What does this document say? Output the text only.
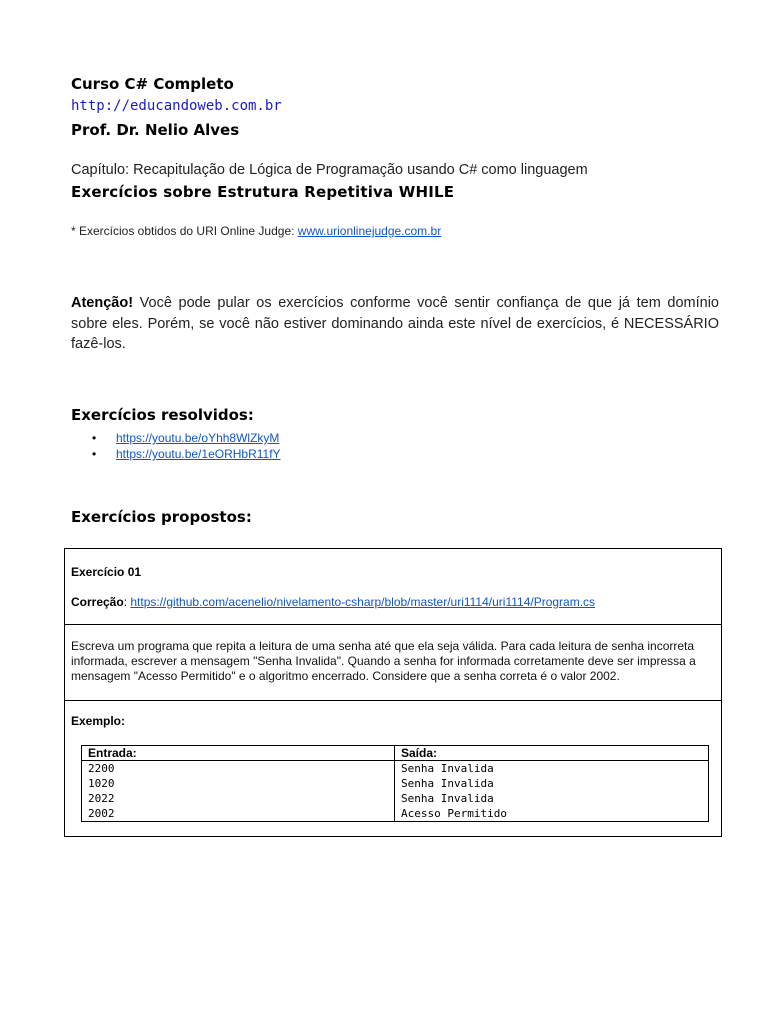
Curso C# Completo
http://educandoweb.com.br
Prof. Dr. Nelio Alves
Capítulo: Recapitulação de Lógica de Programação usando C# como linguagem
Exercícios sobre Estrutura Repetitiva WHILE
* Exercícios obtidos do URI Online Judge: www.urionlinejudge.com.br
Atenção! Você pode pular os exercícios conforme você sentir confiança de que já tem domínio sobre eles. Porém, se você não estiver dominando ainda este nível de exercícios, é NECESSÁRIO fazê-los.
Exercícios resolvidos:
• https://youtu.be/oYhh8WlZkyM
• https://youtu.be/1eORHbR11fY
Exercícios propostos:
Exercício 01
Correção: https://github.com/acenelio/nivelamento-csharp/blob/master/uri1114/uri1114/Program.cs
Escreva um programa que repita a leitura de uma senha até que ela seja válida. Para cada leitura de senha incorreta informada, escrever a mensagem "Senha Invalida". Quando a senha for informada corretamente deve ser impressa a mensagem "Acesso Permitido" e o algoritmo encerrado. Considere que a senha correta é o valor 2002.
Exemplo:
Entrada:	Saída:
2200	Senha Invalida
1020	Senha Invalida
2022	Senha Invalida
2002	Acesso Permitido
